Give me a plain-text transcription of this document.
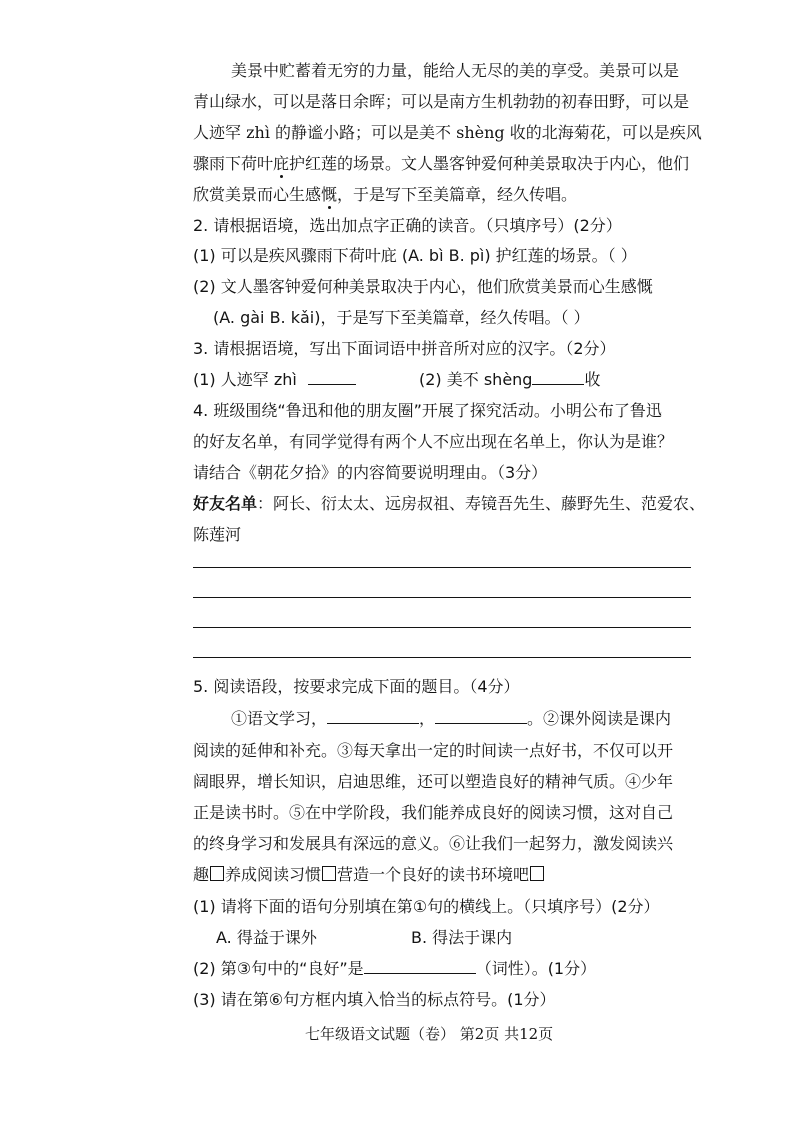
美景中贮蓄着无穷的力量，能给人无尽的美的享受。美景可以是
青山绿水，可以是落日余晖；可以是南方生机勃勃的初春田野，可以是
人迹罕 zhì 的静谧小路；可以是美不 shèng 收的北海菊花，可以是疾风
骤雨下荷叶庇护红莲的场景。文人墨客钟爱何种美景取决于内心，他们
欣赏美景而心生感慨，于是写下至美篇章，经久传唱。
2. 请根据语境，选出加点字正确的读音。（只填序号）(2分）
(1) 可以是疾风骤雨下荷叶庇 (A. bì B. pì) 护红莲的场景。（ ）
(2) 文人墨客钟爱何种美景取决于内心，他们欣赏美景而心生感慨
(A. gài B. kǎi)，于是写下至美篇章，经久传唱。（ ）
3. 请根据语境，写出下面词语中拼音所对应的汉字。（2分）
(1) 人迹罕 zhì	(2) 美不 shèng	收
4. 班级围绕“鲁迅和他的朋友圈”开展了探究活动。小明公布了鲁迅
的好友名单，有同学觉得有两个人不应出现在名单上，你认为是谁？
请结合《朝花夕拾》的内容简要说明理由。（3分）
好友名单：阿长、衍太太、远房叔祖、寿镜吾先生、藤野先生、范爱农、
陈莲河
5. 阅读语段，按要求完成下面的题目。（4分）
①语文学习，	，	。②课外阅读是课内
阅读的延伸和补充。③每天拿出一定的时间读一点好书，不仅可以开
阔眼界，增长知识，启迪思维，还可以塑造良好的精神气质。④少年
正是读书时。⑤在中学阶段，我们能养成良好的阅读习惯，这对自己
的终身学习和发展具有深远的意义。⑥让我们一起努力，激发阅读兴
趣 养成阅读习惯 营造一个良好的读书环境吧
(1) 请将下面的语句分别填在第①句的横线上。（只填序号）(2分）
A. 得益于课外	B. 得法于课内
(2) 第③句中的“良好”是	（词性）。(1分）
(3) 请在第⑥句方框内填入恰当的标点符号。(1分）
七年级语文试题（卷） 第2页 共12页
